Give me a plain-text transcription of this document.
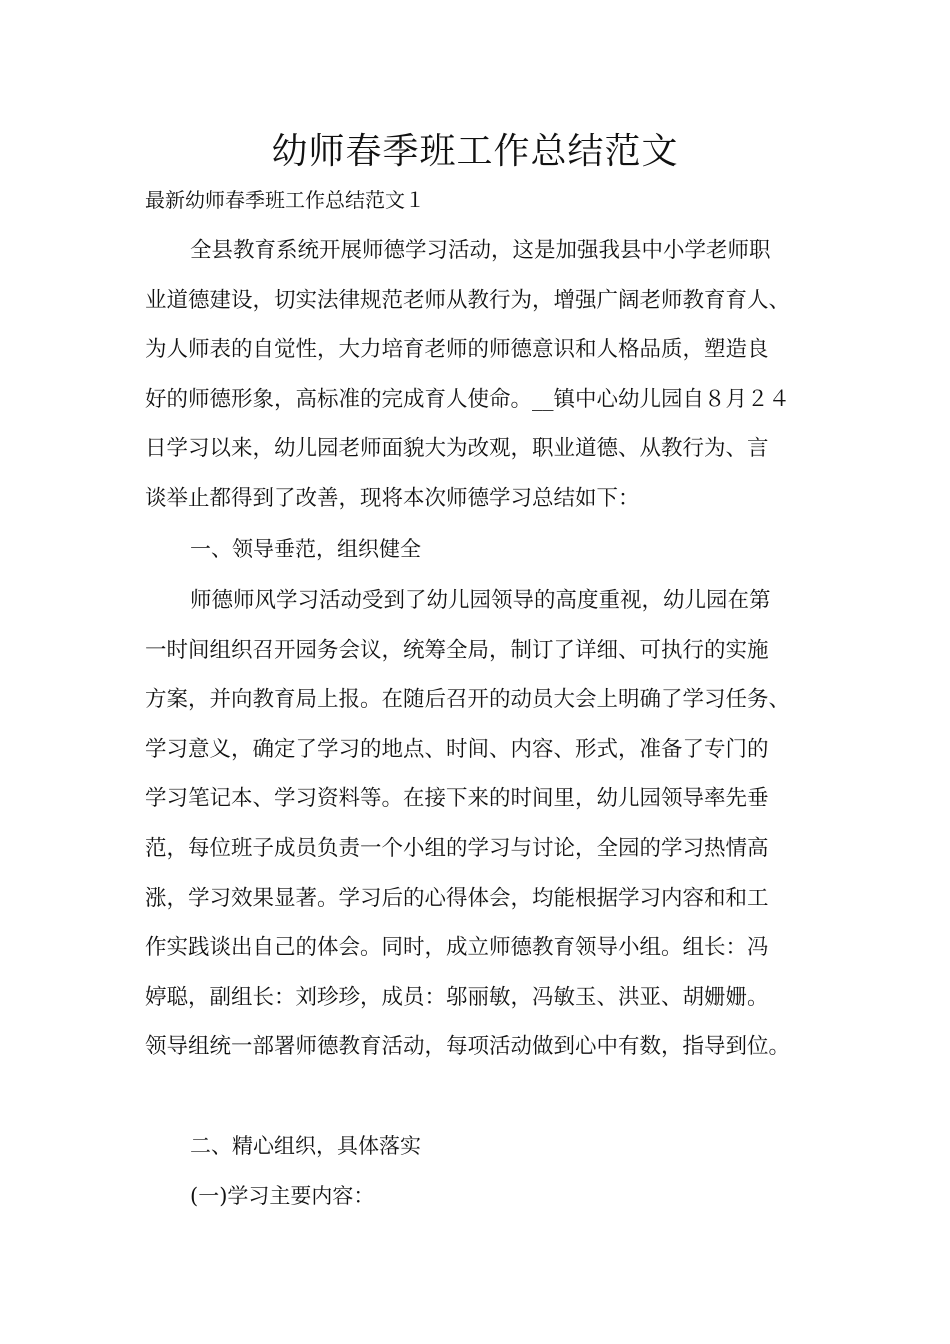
幼师春季班工作总结范文

最新幼师春季班工作总结范文１

全县教育系统开展师德学习活动，这是加强我县中小学老师职
业道德建设，切实法律规范老师从教行为，增强广阔老师教育育人、
为人师表的自觉性，大力培育老师的师德意识和人格品质，塑造良
好的师德形象，高标准的完成育人使命。__镇中心幼儿园自８月２４
日学习以来，幼儿园老师面貌大为改观，职业道德、从教行为、言
谈举止都得到了改善，现将本次师德学习总结如下：

一、领导垂范，组织健全

师德师风学习活动受到了幼儿园领导的高度重视，幼儿园在第
一时间组织召开园务会议，统筹全局，制订了详细、可执行的实施
方案，并向教育局上报。在随后召开的动员大会上明确了学习任务、
学习意义，确定了学习的地点、时间、内容、形式，准备了专门的
学习笔记本、学习资料等。在接下来的时间里，幼儿园领导率先垂
范，每位班子成员负责一个小组的学习与讨论，全园的学习热情高
涨，学习效果显著。学习后的心得体会，均能根据学习内容和和工
作实践谈出自己的体会。同时，成立师德教育领导小组。组长：冯
婷聪，副组长：刘珍珍，成员：邬丽敏，冯敏玉、洪亚、胡姗姗。
领导组统一部署师德教育活动，每项活动做到心中有数，指导到位。

二、精心组织，具体落实

(一)学习主要内容：
